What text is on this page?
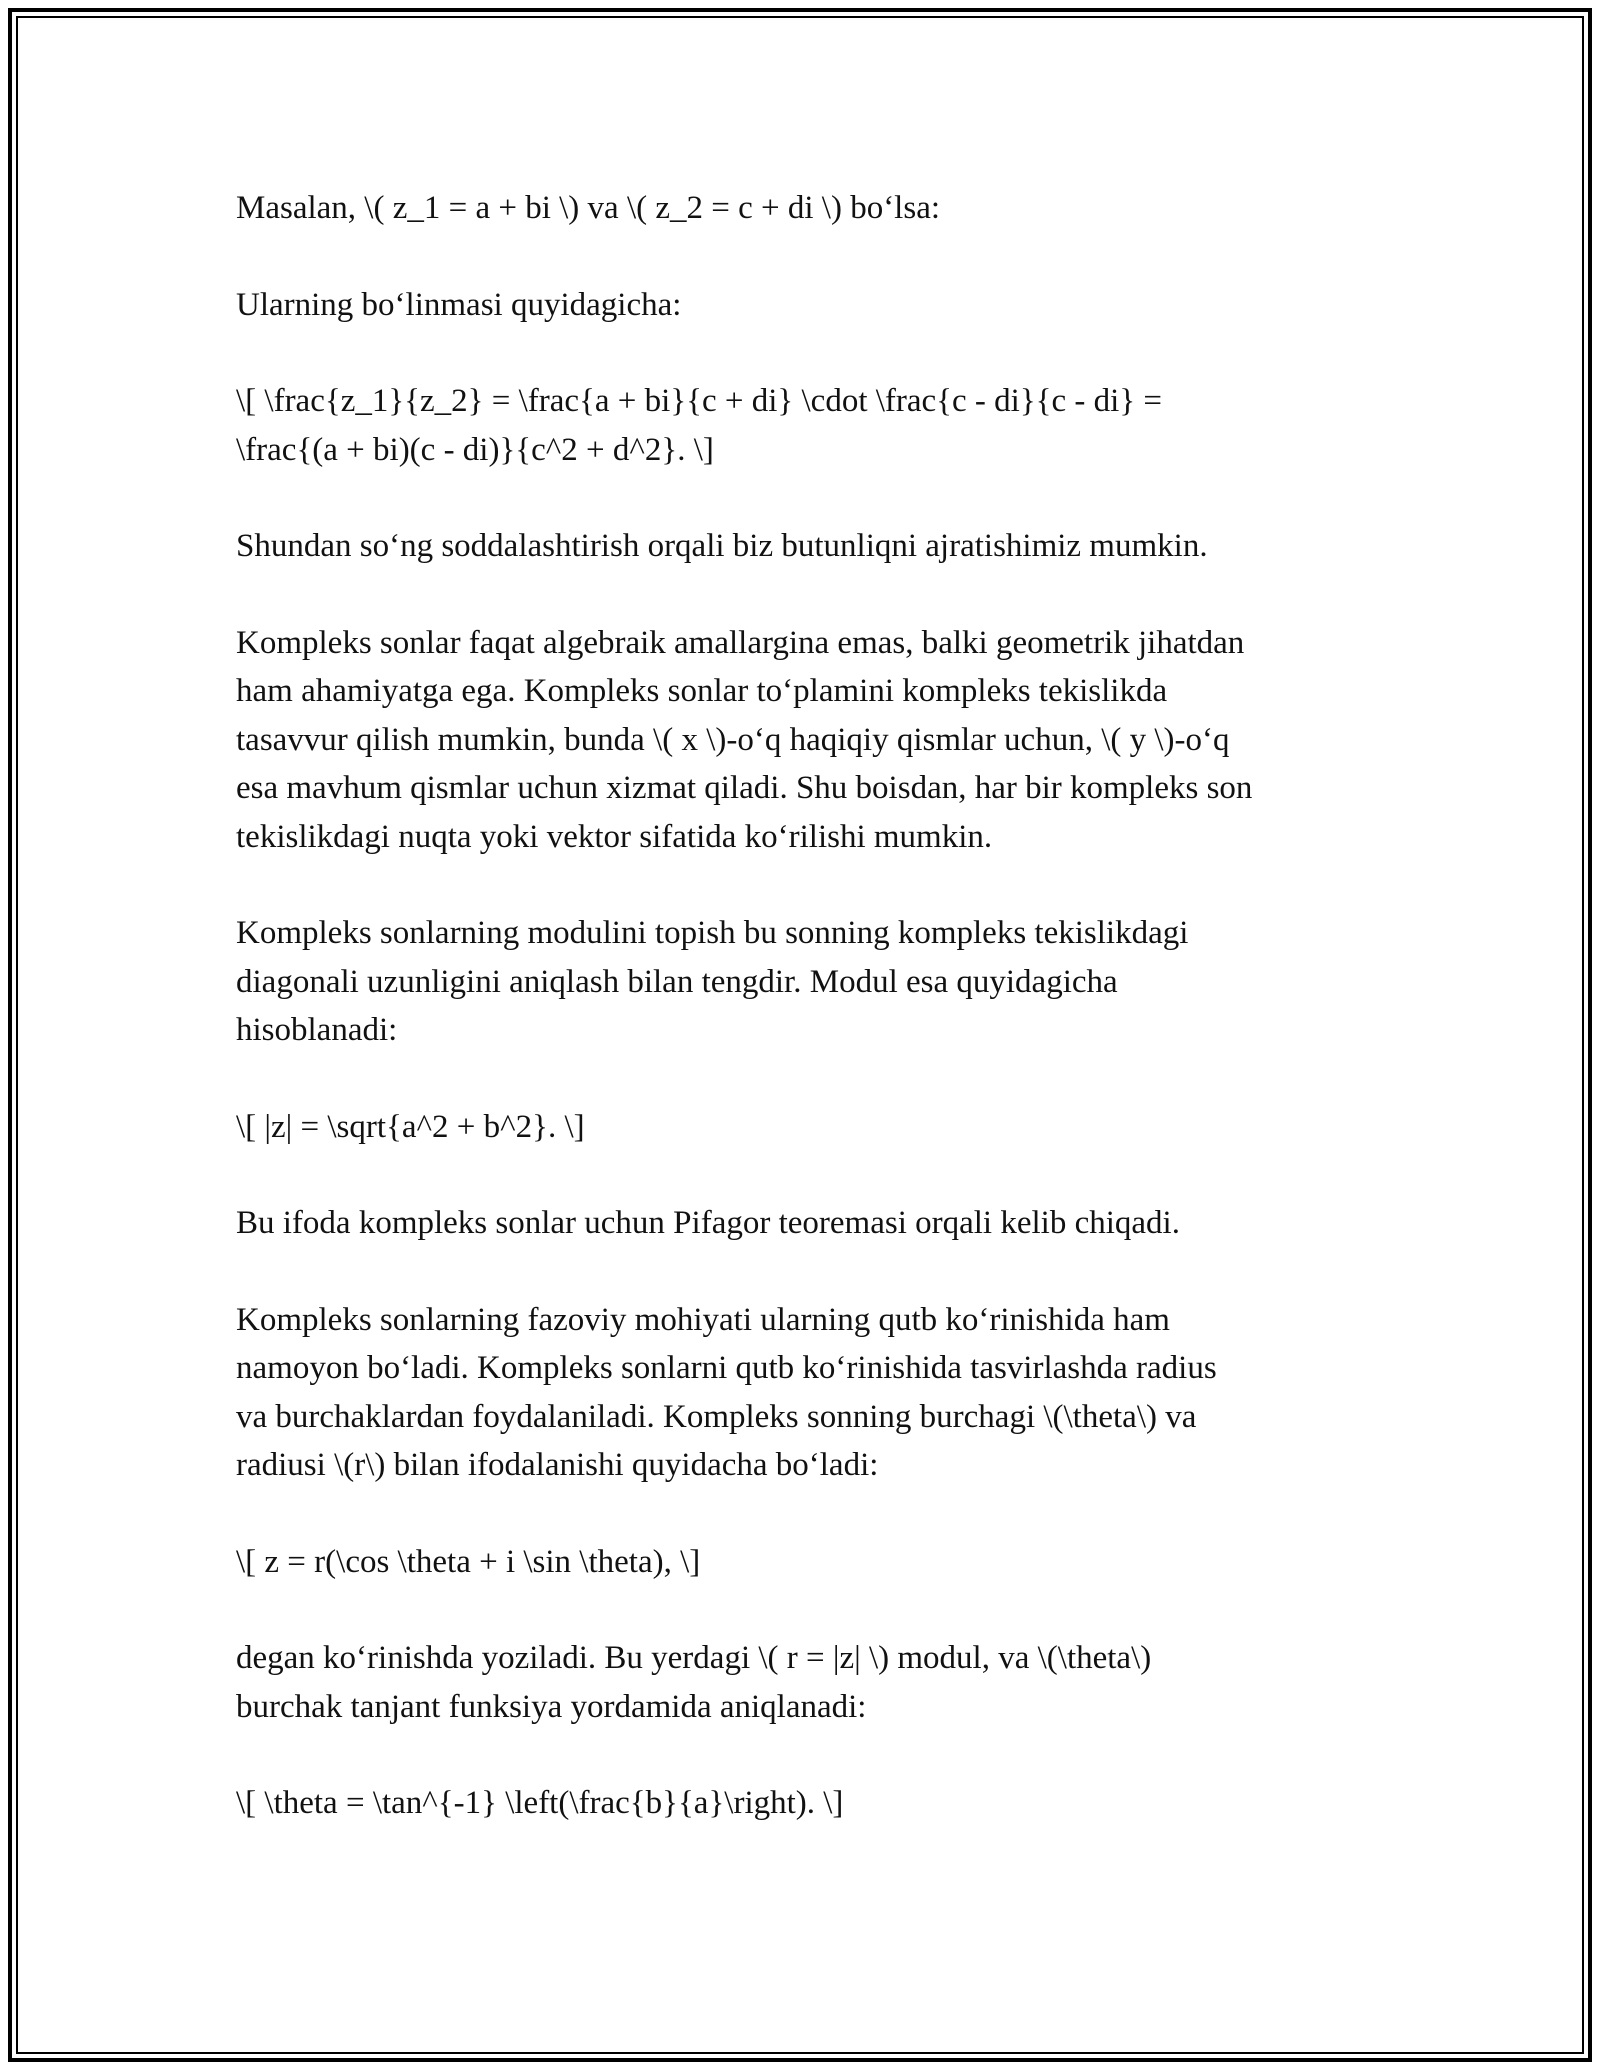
Masalan, \( z_1 = a + bi \) va \( z_2 = c + di \) bo‘lsa:

Ularning bo‘linmasi quyidagicha:

\[ \frac{z_1}{z_2} = \frac{a + bi}{c + di} \cdot \frac{c - di}{c - di} =
\frac{(a + bi)(c - di)}{c^2 + d^2}. \]

Shundan so‘ng soddalashtirish orqali biz butunliqni ajratishimiz mumkin.

Kompleks sonlar faqat algebraik amallargina emas, balki geometrik jihatdan
ham ahamiyatga ega. Kompleks sonlar to‘plamini kompleks tekislikda
tasavvur qilish mumkin, bunda \( x \)-o‘q haqiqiy qismlar uchun, \( y \)-o‘q
esa mavhum qismlar uchun xizmat qiladi. Shu boisdan, har bir kompleks son
tekislikdagi nuqta yoki vektor sifatida ko‘rilishi mumkin.

Kompleks sonlarning modulini topish bu sonning kompleks tekislikdagi
diagonali uzunligini aniqlash bilan tengdir. Modul esa quyidagicha
hisoblanadi:

\[ |z| = \sqrt{a^2 + b^2}. \]

Bu ifoda kompleks sonlar uchun Pifagor teoremasi orqali kelib chiqadi.

Kompleks sonlarning fazoviy mohiyati ularning qutb ko‘rinishida ham
namoyon bo‘ladi. Kompleks sonlarni qutb ko‘rinishida tasvirlashda radius
va burchaklardan foydalaniladi. Kompleks sonning burchagi \(\theta\) va
radiusi \(r\) bilan ifodalanishi quyidacha bo‘ladi:

\[ z = r(\cos \theta + i \sin \theta), \]

degan ko‘rinishda yoziladi. Bu yerdagi \( r = |z| \) modul, va \(\theta\)
burchak tanjant funksiya yordamida aniqlanadi:

\[ \theta = \tan^{-1} \left(\frac{b}{a}\right). \]
